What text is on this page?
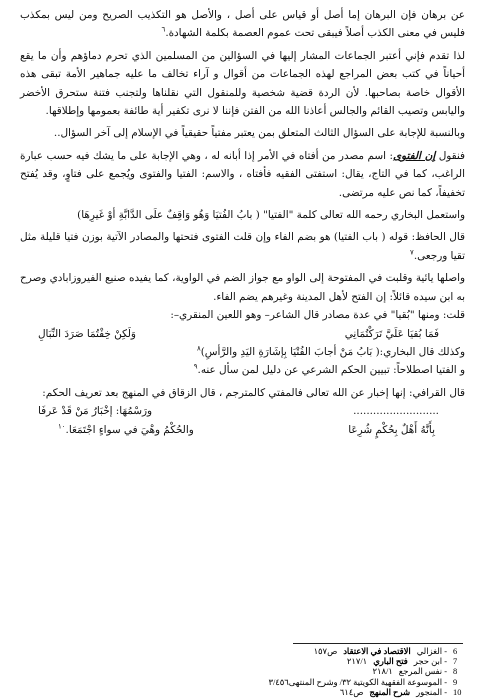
عن برهان فإن البرهان إما أصل أو قياس على أصل ، والأصل هو التكذيب الصريح ومن ليس بمكذب فليس في معنى الكذب أصلاً فيبقى تحت عموم العصمة بكلمة الشهادة.$^٦$

لذا تقدم فإني أعتبر الجماعات المشار إليها في السؤالين من المسلمين الذي تحرم دماؤهم وأن ما يقع أحياناً في كتب بعض المراجع لهذه الجماعات من أقوال و آراء تخالف ما عليه جماهير الأمة تبقى هذه الأقوال خاصة بصاحبها. لأن الردة قضية شخصية وللمنقول التي نقلناها ولتجنب فتنة ستحرق الأخضر واليابس وتصيب القائم والجالس أعاذنا الله من الفتن فإننا لا نرى تكفير أية طائفة بعمومها وإطلاقها.

وبالنسبة للإجابة على السؤال الثالث المتعلق بمن يعتبر مفتياً حقيقياً في الإسلام إلى آخر السؤال..

فنقول إن الفتوى: اسم مصدر من أفتاه في الأمر إذا أبانه له ، وهي الإجابة على ما يشك فيه حسب عبارة الراغب، كما في التاج، يقال: استفتى الفقيه فأفتاه ، والاسم: الفتيا والفتوى ويُجمع على فتاوٍ، وقد يُفتح تخفيفاً، كما نص عليه مرتضى.

واستعمل البخاري رحمه الله تعالى كلمة "الفتيا" ( بابُ الفُتيَا وَهُو وَاقِفٌ علَى الدَّابَّةِ أوْ غَيرِهَا)

قال الحافظ: قوله ( باب الفتيا) هو بضم الفاء وإن قلت الفتوى فتحتها والمصادر الآتية بوزن فتيا قليلة مثل تقيا ورجعى.$^٧$

واصلها يائية وقلبت في المفتوحة إلى الواو مع جواز الضم في الواوية، كما يفيده صنيع الفيروزابادي وصرح به ابن سيده قائلاً: إن الفتح لأهل المدينة وغيرهم يضم الفاء.

قلت: ومنها "بُقيا" في عدة مصادر قال الشاعر– وهو اللعين المنقري–:

فَمَا بُقيَا عَلَيَّ تَرَكْتُمَانِي
وَلَكِنْ خِفْتُمَا صَرَدَ النِّبَالِ

وكذلك قال البخاري:( بَابُ مَنْ أجابَ الفُتْيَا بِإشَارَةِ اليَدِ والرَّأسِ)$^٨$

و الفتيا اصطلاحاً: تبيين الحكم الشرعي عن دليل لمن سأل عنه.$^٩$

قال القرافي: إنها إخبار عن الله تعالى فالمفتي كالمترجم ، قال الزقاق في المنهج بعد تعريف الحكم:

..........................
ورَسْمُهَا: إخْبَارُ مَنْ قَدْ عَرفَا
بِأَنَّهُ أَهْلٌ بِحُكْمٍ شُرِعَا
والحُكْمُ وهْيَ في سواءٍ اجْتَمَعَا.$^{١٠}$
6
- الغزالي
الاقتصاد في الاعتقاد
ص١٥٧
7
- ابن حجر
فتح الباري
٢١٧/١
8
- نفس المرجع
٢١٨/١
9
- الموسوعة الفقهية الكويتية ٣٢/ وشرح المنتهى٣/٤٥٦
10
- المنجور
شرح المنهج
ص٦١٤
